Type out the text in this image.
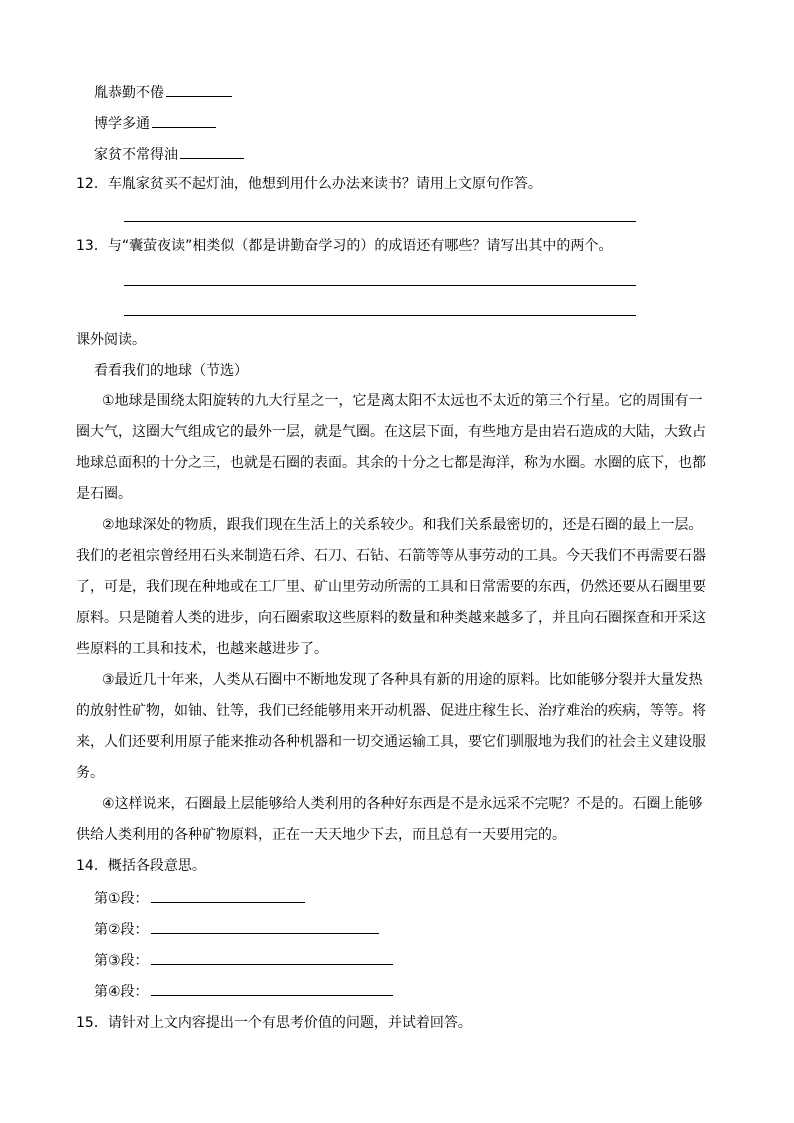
胤恭勤不倦
博学多通
家贫不常得油
12．车胤家贫买不起灯油，他想到用什么办法来读书？请用上文原句作答。
13．与“囊萤夜读”相类似（都是讲勤奋学习的）的成语还有哪些？请写出其中的两个。
课外阅读。
看看我们的地球（节选）
①地球是围绕太阳旋转的九大行星之一，它是离太阳不太远也不太近的第三个行星。它的周围有一
圈大气，这圈大气组成它的最外一层，就是气圈。在这层下面，有些地方是由岩石造成的大陆，大致占
地球总面积的十分之三，也就是石圈的表面。其余的十分之七都是海洋，称为水圈。水圈的底下，也都
是石圈。
②地球深处的物质，跟我们现在生活上的关系较少。和我们关系最密切的，还是石圈的最上一层。
我们的老祖宗曾经用石头来制造石斧、石刀、石钻、石箭等等从事劳动的工具。今天我们不再需要石器
了，可是，我们现在种地或在工厂里、矿山里劳动所需的工具和日常需要的东西，仍然还要从石圈里要
原料。只是随着人类的进步，向石圈索取这些原料的数量和种类越来越多了，并且向石圈探查和开采这
些原料的工具和技术，也越来越进步了。
③最近几十年来，人类从石圈中不断地发现了各种具有新的用途的原料。比如能够分裂并大量发热
的放射性矿物，如铀、钍等，我们已经能够用来开动机器、促进庄稼生长、治疗难治的疾病，等等。将
来，人们还要利用原子能来推动各种机器和一切交通运输工具，要它们驯服地为我们的社会主义建设服
务。
④这样说来，石圈最上层能够给人类利用的各种好东西是不是永远采不完呢？不是的。石圈上能够
供给人类利用的各种矿物原料，正在一天天地少下去，而且总有一天要用完的。
14．概括各段意思。
第①段：
第②段：
第③段：
第④段：
15．请针对上文内容提出一个有思考价值的问题，并试着回答。
